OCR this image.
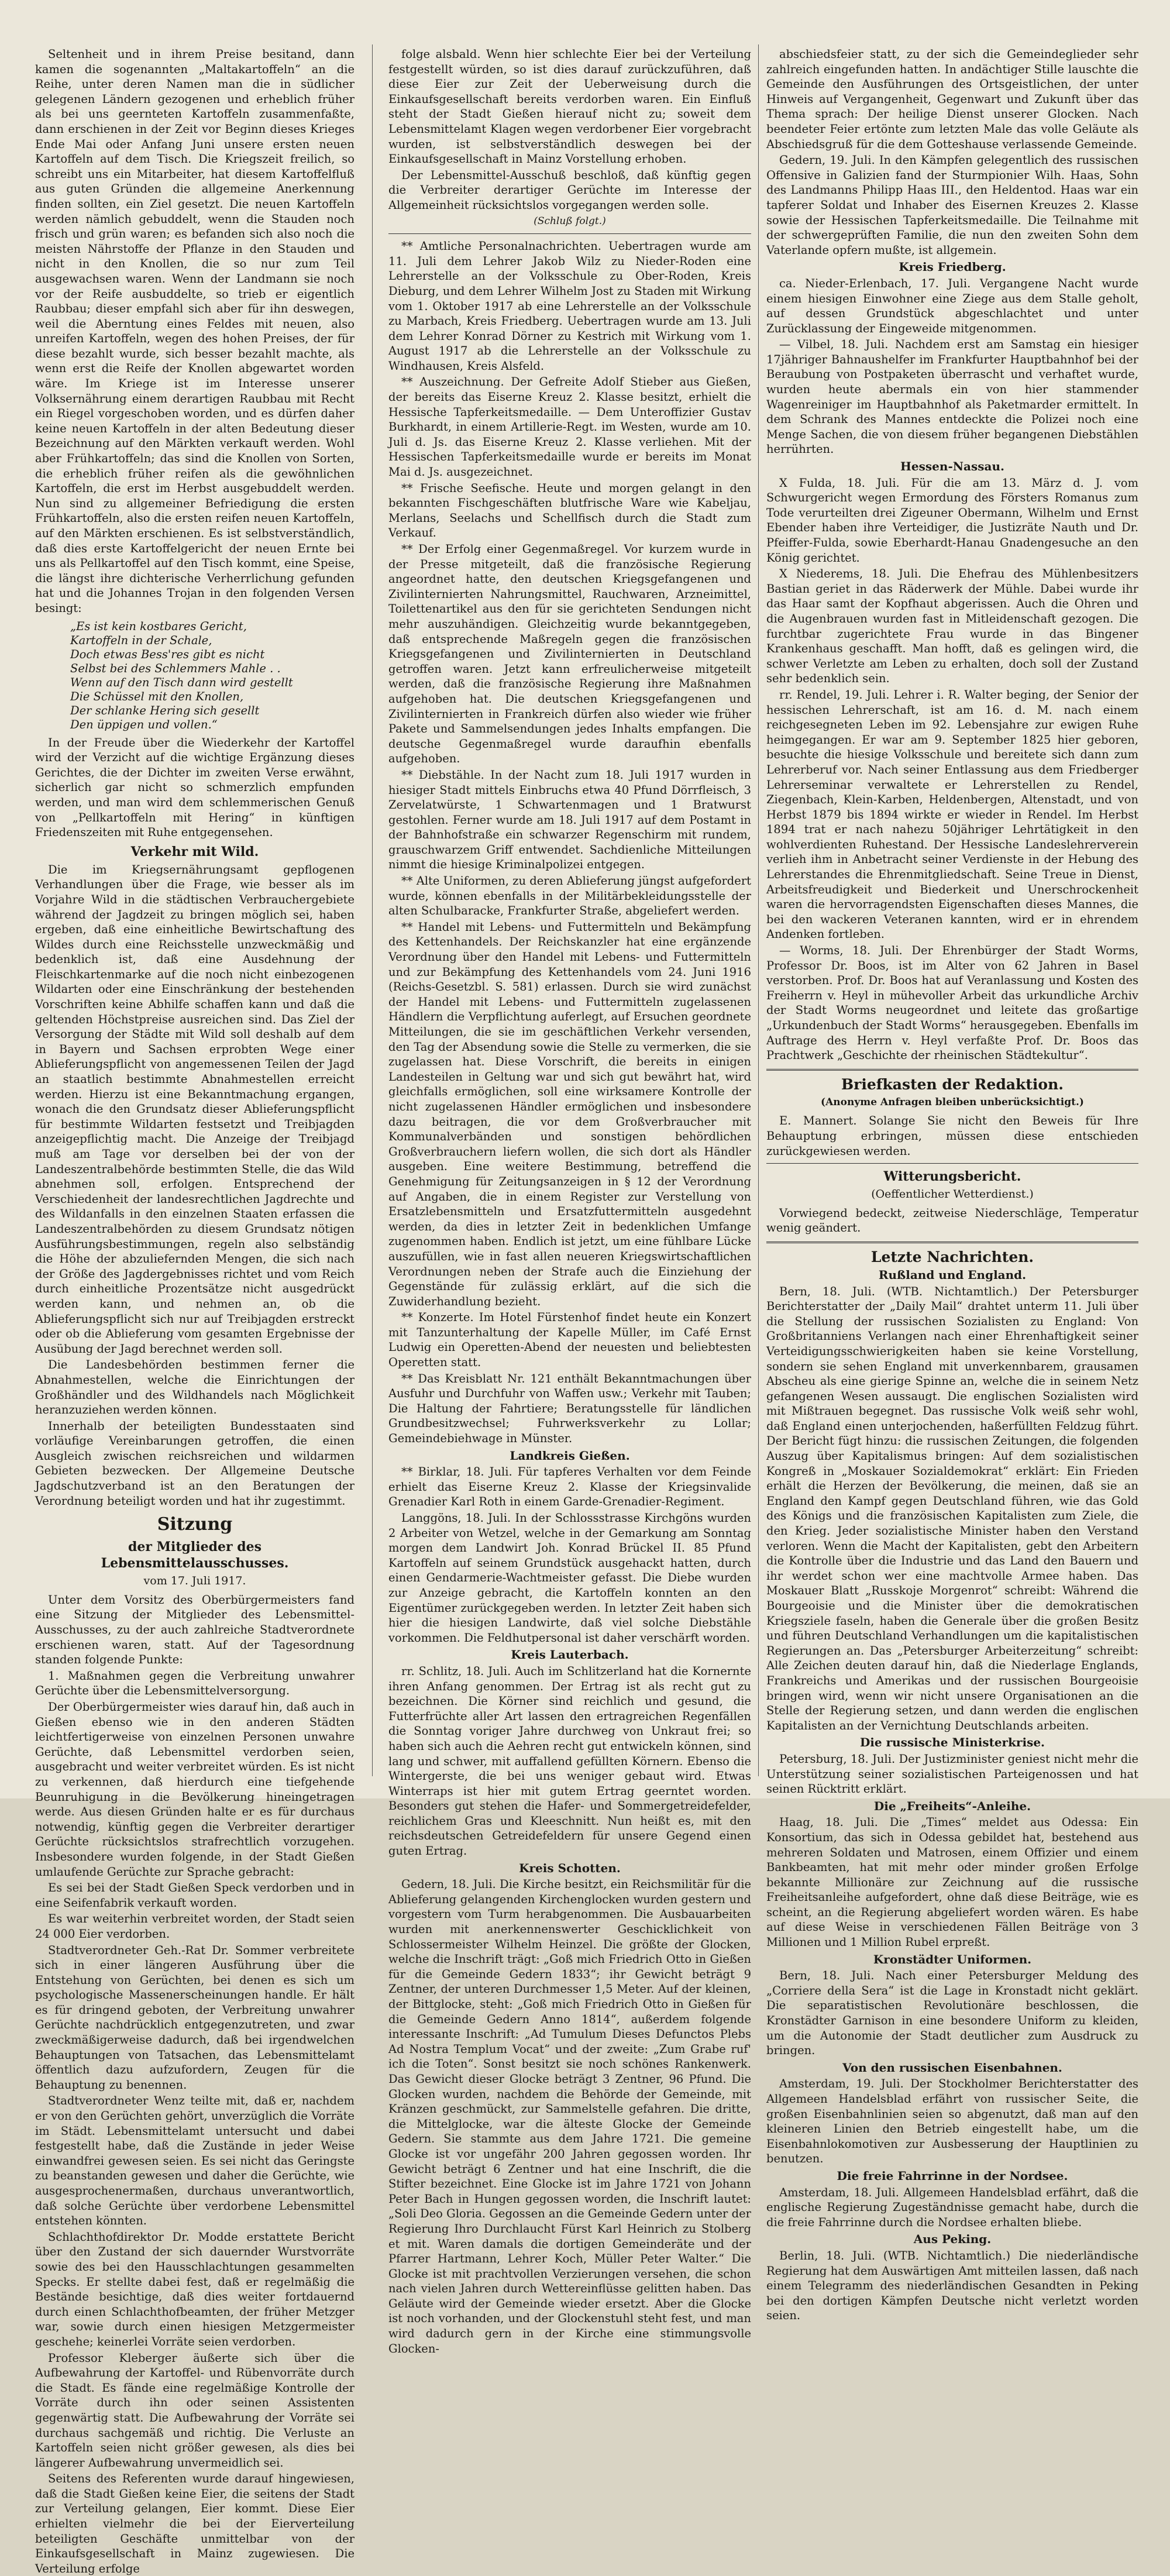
Seltenheit und in ihrem Preise besitand, dann kamen die sogenannten „Maltakartoffeln“ an die Reihe, unter deren Namen man die in südlicher gelegenen Ländern gezogenen und erheblich früher als bei uns geernteten Kartoffeln zusammenfaßte, dann erschienen in der Zeit vor Beginn dieses Krieges Ende Mai oder Anfang Juni unsere ersten neuen Kartoffeln auf dem Tisch. Die Kriegszeit freilich, so schreibt uns ein Mitarbeiter, hat diesem Kartoffelfluß aus guten Gründen die allgemeine Anerkennung finden sollten, ein Ziel gesetzt. Die neuen Kartoffeln werden nämlich gebuddelt, wenn die Stauden noch frisch und grün waren; es befanden sich also noch die meisten Nährstoffe der Pflanze in den Stauden und nicht in den Knollen, die so nur zum Teil ausgewachsen waren. Wenn der Landmann sie noch vor der Reife ausbuddelte, so trieb er eigentlich Raubbau; dieser empfahl sich aber für ihn deswegen, weil die Aberntung eines Feldes mit neuen, also unreifen Kartoffeln, wegen des hohen Preises, der für diese bezahlt wurde, sich besser bezahlt machte, als wenn erst die Reife der Knollen abgewartet worden wäre. Im Kriege ist im Interesse unserer Volksernährung einem derartigen Raubbau mit Recht ein Riegel vorgeschoben worden, und es dürfen daher keine neuen Kartoffeln in der alten Bedeutung dieser Bezeichnung auf den Märkten verkauft werden. Wohl aber Frühkartoffeln; das sind die Knollen von Sorten, die erheblich früher reifen als die gewöhnlichen Kartoffeln, die erst im Herbst ausgebuddelt werden. Nun sind zu allgemeiner Befriedigung die ersten Frühkartoffeln, also die ersten reifen neuen Kartoffeln, auf den Märkten erschienen. Es ist selbstverständlich, daß dies erste Kartoffelgericht der neuen Ernte bei uns als Pellkartoffel auf den Tisch kommt, eine Speise, die längst ihre dichterische Verherrlichung gefunden hat und die Johannes Trojan in den folgenden Versen besingt:

„Es ist kein kostbares Gericht,
Kartoffeln in der Schale,
Doch etwas Bess'res gibt es nicht
Selbst bei des Schlemmers Mahle . .
Wenn auf den Tisch dann wird gestellt
Die Schüssel mit den Knollen,
Der schlanke Hering sich gesellt
Den üppigen und vollen.“

In der Freude über die Wiederkehr der Kartoffel wird der Verzicht auf die wichtige Ergänzung dieses Gerichtes, die der Dichter im zweiten Verse erwähnt, sicherlich gar nicht so schmerzlich empfunden werden, und man wird dem schlemmerischen Genuß von „Pellkartoffeln mit Hering“ in künftigen Friedenszeiten mit Ruhe entgegensehen.

Verkehr mit Wild.

Die im Kriegsernährungsamt gepflogenen Verhandlungen über die Frage, wie besser als im Vorjahre Wild in die städtischen Verbrauchergebiete während der Jagdzeit zu bringen möglich sei, haben ergeben, daß eine einheitliche Bewirtschaftung des Wildes durch eine Reichsstelle unzweckmäßig und bedenklich ist, daß eine Ausdehnung der Fleischkartenmarke auf die noch nicht einbezogenen Wildarten oder eine Einschränkung der bestehenden Vorschriften keine Abhilfe schaffen kann und daß die geltenden Höchstpreise ausreichen sind. Das Ziel der Versorgung der Städte mit Wild soll deshalb auf dem in Bayern und Sachsen erprobten Wege einer Ablieferungspflicht von angemessenen Teilen der Jagd an staatlich bestimmte Abnahmestellen erreicht werden. Hierzu ist eine Bekanntmachung ergangen, wonach die den Grundsatz dieser Ablieferungspflicht für bestimmte Wildarten festsetzt und Treibjagden anzeigepflichtig macht. Die Anzeige der Treibjagd muß am Tage vor derselben bei der von der Landeszentralbehörde bestimmten Stelle, die das Wild abnehmen soll, erfolgen. Entsprechend der Verschiedenheit der landesrechtlichen Jagdrechte und des Wildanfalls in den einzelnen Staaten erfassen die Landeszentralbehörden zu diesem Grundsatz nötigen Ausführungsbestimmungen, regeln also selbständig die Höhe der abzuliefernden Mengen, die sich nach der Größe des Jagdergebnisses richtet und vom Reich durch einheitliche Prozentsätze nicht ausgedrückt werden kann, und nehmen an, ob die Ablieferungspflicht sich nur auf Treibjagden erstreckt oder ob die Ablieferung vom gesamten Ergebnisse der Ausübung der Jagd berechnet werden soll.

Die Landesbehörden bestimmen ferner die Abnahmestellen, welche die Einrichtungen der Großhändler und des Wildhandels nach Möglichkeit heranzuziehen werden können.

Innerhalb der beteiligten Bundesstaaten sind vorläufige Vereinbarungen getroffen, die einen Ausgleich zwischen reichsreichen und wildarmen Gebieten bezwecken. Der Allgemeine Deutsche Jagdschutzverband ist an den Beratungen der Verordnung beteiligt worden und hat ihr zugestimmt.

Sitzung
der Mitglieder des Lebensmittelausschusses.
vom 17. Juli 1917.

Unter dem Vorsitz des Oberbürgermeisters fand eine Sitzung der Mitglieder des Lebensmittel-Ausschusses, zu der auch zahlreiche Stadtverordnete erschienen waren, statt. Auf der Tagesordnung standen folgende Punkte:

1. Maßnahmen gegen die Verbreitung unwahrer Gerüchte über die Lebensmittelversorgung.

Der Oberbürgermeister wies darauf hin, daß auch in Gießen ebenso wie in den anderen Städten leichtfertigerweise von einzelnen Personen unwahre Gerüchte, daß Lebensmittel verdorben seien, ausgebracht und weiter verbreitet würden. Es ist nicht zu verkennen, daß hierdurch eine tiefgehende Beunruhigung in die Bevölkerung hineingetragen werde. Aus diesen Gründen halte er es für durchaus notwendig, künftig gegen die Verbreiter derartiger Gerüchte rücksichtslos strafrechtlich vorzugehen. Insbesondere wurden folgende, in der Stadt Gießen umlaufende Gerüchte zur Sprache gebracht:

Es sei bei der Stadt Gießen Speck verdorben und in eine Seifenfabrik verkauft worden.

Es war weiterhin verbreitet worden, der Stadt seien 24 000 Eier verdorben.

Stadtverordneter Geh.-Rat Dr. Sommer verbreitete sich in einer längeren Ausführung über die Entstehung von Gerüchten, bei denen es sich um psychologische Massenerscheinungen handle. Er hält es für dringend geboten, der Verbreitung unwahrer Gerüchte nachdrücklich entgegenzutreten, und zwar zweckmäßigerweise dadurch, daß bei irgendwelchen Behauptungen von Tatsachen, das Lebensmittelamt öffentlich dazu aufzufordern, Zeugen für die Behauptung zu benennen.

Stadtverordneter Wenz teilte mit, daß er, nachdem er von den Gerüchten gehört, unverzüglich die Vorräte im Städt. Lebensmittelamt untersucht und dabei festgestellt habe, daß die Zustände in jeder Weise einwandfrei gewesen seien. Es sei nicht das Geringste zu beanstanden gewesen und daher die Gerüchte, wie ausgesprochenermaßen, durchaus unverantwortlich, daß solche Gerüchte über verdorbene Lebensmittel entstehen könnten.

Schlachthofdirektor Dr. Modde erstattete Bericht über den Zustand der sich dauernder Wurstvorräte sowie des bei den Hausschlachtungen gesammelten Specks. Er stellte dabei fest, daß er regelmäßig die Bestände besichtige, daß dies weiter fortdauernd durch einen Schlachthofbeamten, der früher Metzger war, sowie durch einen hiesigen Metzgermeister geschehe; keinerlei Vorräte seien verdorben.

Professor Kleberger äußerte sich über die Aufbewahrung der Kartoffel- und Rübenvorräte durch die Stadt. Es fände eine regelmäßige Kontrolle der Vorräte durch ihn oder seinen Assistenten gegenwärtig statt. Die Aufbewahrung der Vorräte sei durchaus sachgemäß und richtig. Die Verluste an Kartoffeln seien nicht größer gewesen, als dies bei längerer Aufbewahrung unvermeidlich sei.

Seitens des Referenten wurde darauf hingewiesen, daß die Stadt Gießen keine Eier, die seitens der Stadt zur Verteilung gelangen, Eier kommt. Diese Eier erhielten vielmehr die bei der Eierverteilung beteiligten Geschäfte unmittelbar von der Einkaufsgesellschaft in Mainz zugewiesen. Die Verteilung erfolge

folge alsbald. Wenn hier schlechte Eier bei der Verteilung festgestellt würden, so ist dies darauf zurückzuführen, daß diese Eier zur Zeit der Ueberweisung durch die Einkaufsgesellschaft bereits verdorben waren. Ein Einfluß steht der Stadt Gießen hierauf nicht zu; soweit dem Lebensmittelamt Klagen wegen verdorbener Eier vorgebracht wurden, ist selbstverständlich deswegen bei der Einkaufsgesellschaft in Mainz Vorstellung erhoben.

Der Lebensmittel-Ausschuß beschloß, daß künftig gegen die Verbreiter derartiger Gerüchte im Interesse der Allgemeinheit rücksichtslos vorgegangen werden solle.

(Schluß folgt.)

** Amtliche Personalnachrichten. Uebertragen wurde am 11. Juli dem Lehrer Jakob Wilz zu Nieder-Roden eine Lehrerstelle an der Volksschule zu Ober-Roden, Kreis Dieburg, und dem Lehrer Wilhelm Jost zu Staden mit Wirkung vom 1. Oktober 1917 ab eine Lehrerstelle an der Volksschule zu Marbach, Kreis Friedberg. Uebertragen wurde am 13. Juli dem Lehrer Konrad Dörner zu Kestrich mit Wirkung vom 1. August 1917 ab die Lehrerstelle an der Volksschule zu Windhausen, Kreis Alsfeld.

** Auszeichnung. Der Gefreite Adolf Stieber aus Gießen, der bereits das Eiserne Kreuz 2. Klasse besitzt, erhielt die Hessische Tapferkeitsmedaille. — Dem Unteroffizier Gustav Burkhardt, in einem Artillerie-Regt. im Westen, wurde am 10. Juli d. Js. das Eiserne Kreuz 2. Klasse verliehen. Mit der Hessischen Tapferkeitsmedaille wurde er bereits im Monat Mai d. Js. ausgezeichnet.

** Frische Seefische. Heute und morgen gelangt in den bekannten Fischgeschäften blutfrische Ware wie Kabeljau, Merlans, Seelachs und Schellfisch durch die Stadt zum Verkauf.

** Der Erfolg einer Gegenmaßregel. Vor kurzem wurde in der Presse mitgeteilt, daß die französische Regierung angeordnet hatte, den deutschen Kriegsgefangenen und Zivilinternierten Nahrungsmittel, Rauchwaren, Arzneimittel, Toilettenartikel aus den für sie gerichteten Sendungen nicht mehr auszuhändigen. Gleichzeitig wurde bekanntgegeben, daß entsprechende Maßregeln gegen die französischen Kriegsgefangenen und Zivilinternierten in Deutschland getroffen waren. Jetzt kann erfreulicherweise mitgeteilt werden, daß die französische Regierung ihre Maßnahmen aufgehoben hat. Die deutschen Kriegsgefangenen und Zivilinternierten in Frankreich dürfen also wieder wie früher Pakete und Sammelsendungen jedes Inhalts empfangen. Die deutsche Gegenmaßregel wurde daraufhin ebenfalls aufgehoben.

** Diebstähle. In der Nacht zum 18. Juli 1917 wurden in hiesiger Stadt mittels Einbruchs etwa 40 Pfund Dörrfleisch, 3 Zervelatwürste, 1 Schwartenmagen und 1 Bratwurst gestohlen. Ferner wurde am 18. Juli 1917 auf dem Postamt in der Bahnhofstraße ein schwarzer Regenschirm mit rundem, grauschwarzem Griff entwendet. Sachdienliche Mitteilungen nimmt die hiesige Kriminalpolizei entgegen.

** Alte Uniformen, zu deren Ablieferung jüngst aufgefordert wurde, können ebenfalls in der Militärbekleidungsstelle der alten Schulbaracke, Frankfurter Straße, abgeliefert werden.

** Handel mit Lebens- und Futtermitteln und Bekämpfung des Kettenhandels. Der Reichskanzler hat eine ergänzende Verordnung über den Handel mit Lebens- und Futtermitteln und zur Bekämpfung des Kettenhandels vom 24. Juni 1916 (Reichs-Gesetzbl. S. 581) erlassen. Durch sie wird zunächst der Handel mit Lebens- und Futtermitteln zugelassenen Händlern die Verpflichtung auferlegt, auf Ersuchen geordnete Mitteilungen, die sie im geschäftlichen Verkehr versenden, den Tag der Absendung sowie die Stelle zu vermerken, die sie zugelassen hat. Diese Vorschrift, die bereits in einigen Landesteilen in Geltung war und sich gut bewährt hat, wird gleichfalls ermöglichen, soll eine wirksamere Kontrolle der nicht zugelassenen Händler ermöglichen und insbesondere dazu beitragen, die vor dem Großverbraucher mit Kommunalverbänden und sonstigen behördlichen Großverbrauchern liefern wollen, die sich dort als Händler ausgeben. Eine weitere Bestimmung, betreffend die Genehmigung für Zeitungsanzeigen in § 12 der Verordnung auf Angaben, die in einem Register zur Verstellung von Ersatzlebensmitteln und Ersatzfuttermitteln ausgedehnt werden, da dies in letzter Zeit in bedenklichen Umfange zugenommen haben. Endlich ist jetzt, um eine fühlbare Lücke auszufüllen, wie in fast allen neueren Kriegswirtschaftlichen Verordnungen neben der Strafe auch die Einziehung der Gegenstände für zulässig erklärt, auf die sich die Zuwiderhandlung bezieht.

** Konzerte. Im Hotel Fürstenhof findet heute ein Konzert mit Tanzunterhaltung der Kapelle Müller, im Café Ernst Ludwig ein Operetten-Abend der neuesten und beliebtesten Operetten statt.

** Das Kreisblatt Nr. 121 enthält Bekanntmachungen über Ausfuhr und Durchfuhr von Waffen usw.; Verkehr mit Tauben; Die Haltung der Fahrtiere; Beratungsstelle für ländlichen Grundbesitzwechsel; Fuhrwerksverkehr zu Lollar; Gemeindebiehwage in Münster.

Landkreis Gießen.

** Birklar, 18. Juli. Für tapferes Verhalten vor dem Feinde erhielt das Eiserne Kreuz 2. Klasse der Kriegsinvalide Grenadier Karl Roth in einem Garde-Grenadier-Regiment.

Langgöns, 18. Juli. In der Schlossstrasse Kirchgöns wurden 2 Arbeiter von Wetzel, welche in der Gemarkung am Sonntag morgen dem Landwirt Joh. Konrad Brückel II. 85 Pfund Kartoffeln auf seinem Grundstück ausgehackt hatten, durch einen Gendarmerie-Wachtmeister gefasst. Die Diebe wurden zur Anzeige gebracht, die Kartoffeln konnten an den Eigentümer zurückgegeben werden. In letzter Zeit haben sich hier die hiesigen Landwirte, daß viel solche Diebstähle vorkommen. Die Feldhutpersonal ist daher verschärft worden.

Kreis Lauterbach.

rr. Schlitz, 18. Juli. Auch im Schlitzerland hat die Kornernte ihren Anfang genommen. Der Ertrag ist als recht gut zu bezeichnen. Die Körner sind reichlich und gesund, die Futterfrüchte aller Art lassen den ertragreichen Regenfällen die Sonntag voriger Jahre durchweg von Unkraut frei; so haben sich auch die Aehren recht gut entwickeln können, sind lang und schwer, mit auffallend gefüllten Körnern. Ebenso die Wintergerste, die bei uns weniger gebaut wird. Etwas Winterraps ist hier mit gutem Ertrag geerntet worden. Besonders gut stehen die Hafer- und Sommergetreidefelder, reichlichem Gras und Kleeschnitt. Nun heißt es, mit den reichsdeutschen Getreidefeldern für unsere Gegend einen guten Ertrag.

Kreis Schotten.

Gedern, 18. Juli. Die Kirche besitzt, ein Reichsmilitär für die Ablieferung gelangenden Kirchenglocken wurden gestern und vorgestern vom Turm herabgenommen. Die Ausbauarbeiten wurden mit anerkennenswerter Geschicklichkeit von Schlossermeister Wilhelm Heinzel. Die größte der Glocken, welche die Inschrift trägt: „Goß mich Friedrich Otto in Gießen für die Gemeinde Gedern 1833“; ihr Gewicht beträgt 9 Zentner, der unteren Durchmesser 1,5 Meter. Auf der kleinen, der Bittglocke, steht: „Goß mich Friedrich Otto in Gießen für die Gemeinde Gedern Anno 1814“, außerdem folgende interessante Inschrift: „Ad Tumulum Dieses Defunctos Plebs Ad Nostra Templum Vocat“ und der zweite: „Zum Grabe ruf' ich die Toten“. Sonst besitzt sie noch schönes Rankenwerk. Das Gewicht dieser Glocke beträgt 3 Zentner, 96 Pfund. Die Glocken wurden, nachdem die Behörde der Gemeinde, mit Kränzen geschmückt, zur Sammelstelle gefahren. Die dritte, die Mittelglocke, war die älteste Glocke der Gemeinde Gedern. Sie stammte aus dem Jahre 1721. Die gemeine Glocke ist vor ungefähr 200 Jahren gegossen worden. Ihr Gewicht beträgt 6 Zentner und hat eine Inschrift, die die Stifter bezeichnet. Eine Glocke ist im Jahre 1721 von Johann Peter Bach in Hungen gegossen worden, die Inschrift lautet: „Soli Deo Gloria. Gegossen an die Gemeinde Gedern unter der Regierung Ihro Durchlaucht Fürst Karl Heinrich zu Stolberg et mit. Waren damals die dortigen Gemeinderäte und der Pfarrer Hartmann, Lehrer Koch, Müller Peter Walter.“ Die Glocke ist mit prachtvollen Verzierungen versehen, die schon nach vielen Jahren durch Wettereinflüsse gelitten haben. Das Geläute wird der Gemeinde wieder ersetzt. Aber die Glocke ist noch vorhanden, und der Glockenstuhl steht fest, und man wird dadurch gern in der Kirche eine stimmungsvolle Glocken-

abschiedsfeier statt, zu der sich die Gemeindeglieder sehr zahlreich eingefunden hatten. In andächtiger Stille lauschte die Gemeinde den Ausführungen des Ortsgeistlichen, der unter Hinweis auf Vergangenheit, Gegenwart und Zukunft über das Thema sprach: Der heilige Dienst unserer Glocken. Nach beendeter Feier ertönte zum letzten Male das volle Geläute als Abschiedsgruß für die dem Gotteshause verlassende Gemeinde.

Gedern, 19. Juli. In den Kämpfen gelegentlich des russischen Offensive in Galizien fand der Sturmpionier Wilh. Haas, Sohn des Landmanns Philipp Haas III., den Heldentod. Haas war ein tapferer Soldat und Inhaber des Eisernen Kreuzes 2. Klasse sowie der Hessischen Tapferkeitsmedaille. Die Teilnahme mit der schwergeprüften Familie, die nun den zweiten Sohn dem Vaterlande opfern mußte, ist allgemein.

Kreis Friedberg.

ca. Nieder-Erlenbach, 17. Juli. Vergangene Nacht wurde einem hiesigen Einwohner eine Ziege aus dem Stalle geholt, auf dessen Grundstück abgeschlachtet und unter Zurücklassung der Eingeweide mitgenommen.

— Vilbel, 18. Juli. Nachdem erst am Samstag ein hiesiger 17jähriger Bahnaushelfer im Frankfurter Hauptbahnhof bei der Beraubung von Postpaketen überrascht und verhaftet wurde, wurden heute abermals ein von hier stammender Wagenreiniger im Hauptbahnhof als Paketmarder ermittelt. In dem Schrank des Mannes entdeckte die Polizei noch eine Menge Sachen, die von diesem früher begangenen Diebstählen herrührten.

Hessen-Nassau.

X Fulda, 18. Juli. Für die am 13. März d. J. vom Schwurgericht wegen Ermordung des Försters Romanus zum Tode verurteilten drei Zigeuner Obermann, Wilhelm und Ernst Ebender haben ihre Verteidiger, die Justizräte Nauth und Dr. Pfeiffer-Fulda, sowie Eberhardt-Hanau Gnadengesuche an den König gerichtet.

X Niederems, 18. Juli. Die Ehefrau des Mühlenbesitzers Bastian geriet in das Räderwerk der Mühle. Dabei wurde ihr das Haar samt der Kopfhaut abgerissen. Auch die Ohren und die Augenbrauen wurden fast in Mitleidenschaft gezogen. Die furchtbar zugerichtete Frau wurde in das Bingener Krankenhaus geschafft. Man hofft, daß es gelingen wird, die schwer Verletzte am Leben zu erhalten, doch soll der Zustand sehr bedenklich sein.

rr. Rendel, 19. Juli. Lehrer i. R. Walter beging, der Senior der hessischen Lehrerschaft, ist am 16. d. M. nach einem reichgesegneten Leben im 92. Lebensjahre zur ewigen Ruhe heimgegangen. Er war am 9. September 1825 hier geboren, besuchte die hiesige Volksschule und bereitete sich dann zum Lehrerberuf vor. Nach seiner Entlassung aus dem Friedberger Lehrerseminar verwaltete er Lehrerstellen zu Rendel, Ziegenbach, Klein-Karben, Heldenbergen, Altenstadt, und von Herbst 1879 bis 1894 wirkte er wieder in Rendel. Im Herbst 1894 trat er nach nahezu 50jähriger Lehrtätigkeit in den wohlverdienten Ruhestand. Der Hessische Landeslehrerverein verlieh ihm in Anbetracht seiner Verdienste in der Hebung des Lehrerstandes die Ehrenmitgliedschaft. Seine Treue in Dienst, Arbeitsfreudigkeit und Biederkeit und Unerschrockenheit waren die hervorragendsten Eigenschaften dieses Mannes, die bei den wackeren Veteranen kannten, wird er in ehrendem Andenken fortleben.

— Worms, 18. Juli. Der Ehrenbürger der Stadt Worms, Professor Dr. Boos, ist im Alter von 62 Jahren in Basel verstorben. Prof. Dr. Boos hat auf Veranlassung und Kosten des Freiherrn v. Heyl in mühevoller Arbeit das urkundliche Archiv der Stadt Worms neugeordnet und leitete das großartige „Urkundenbuch der Stadt Worms“ herausgegeben. Ebenfalls im Auftrage des Herrn v. Heyl verfaßte Prof. Dr. Boos das Prachtwerk „Geschichte der rheinischen Städtekultur“.

Briefkasten der Redaktion.
(Anonyme Anfragen bleiben unberücksichtigt.)

E. Mannert. Solange Sie nicht den Beweis für Ihre Behauptung erbringen, müssen diese entschieden zurückgewiesen werden.

Witterungsbericht.
(Oeffentlicher Wetterdienst.)

Vorwiegend bedeckt, zeitweise Niederschläge, Temperatur wenig geändert.

Letzte Nachrichten.
Rußland und England.

Bern, 18. Juli. (WTB. Nichtamtlich.) Der Petersburger Berichterstatter der „Daily Mail“ drahtet unterm 11. Juli über die Stellung der russischen Sozialisten zu England: Von Großbritanniens Verlangen nach einer Ehrenhaftigkeit seiner Verteidigungsschwierigkeiten haben sie keine Vorstellung, sondern sie sehen England mit unverkennbarem, grausamen Abscheu als eine gierige Spinne an, welche die in seinem Netz gefangenen Wesen aussaugt. Die englischen Sozialisten wird mit Mißtrauen begegnet. Das russische Volk weiß sehr wohl, daß England einen unterjochenden, haßerfüllten Feldzug führt. Der Bericht fügt hinzu: die russischen Zeitungen, die folgenden Auszug über Kapitalismus bringen: Auf dem sozialistischen Kongreß in „Moskauer Sozialdemokrat“ erklärt: Ein Frieden erhält die Herzen der Bevölkerung, die meinen, daß sie an England den Kampf gegen Deutschland führen, wie das Gold des Königs und die französischen Kapitalisten zum Ziele, die den Krieg. Jeder sozialistische Minister haben den Verstand verloren. Wenn die Macht der Kapitalisten, gebt den Arbeitern die Kontrolle über die Industrie und das Land den Bauern und ihr werdet schon wer eine machtvolle Armee haben. Das Moskauer Blatt „Russkoje Morgenrot“ schreibt: Während die Bourgeoisie und die Minister über die demokratischen Kriegsziele faseln, haben die Generale über die großen Besitz und führen Deutschland Verhandlungen um die kapitalistischen Regierungen an. Das „Petersburger Arbeiterzeitung“ schreibt: Alle Zeichen deuten darauf hin, daß die Niederlage Englands, Frankreichs und Amerikas und der russischen Bourgeoisie bringen wird, wenn wir nicht unsere Organisationen an die Stelle der Regierung setzen, und dann werden die englischen Kapitalisten an der Vernichtung Deutschlands arbeiten.

Die russische Ministerkrise.

Petersburg, 18. Juli. Der Justizminister geniest nicht mehr die Unterstützung seiner sozialistischen Parteigenossen und hat seinen Rücktritt erklärt.

Die „Freiheits“-Anleihe.

Haag, 18. Juli. Die „Times“ meldet aus Odessa: Ein Konsortium, das sich in Odessa gebildet hat, bestehend aus mehreren Soldaten und Matrosen, einem Offizier und einem Bankbeamten, hat mit mehr oder minder großen Erfolge bekannte Millionäre zur Zeichnung auf die russische Freiheitsanleihe aufgefordert, ohne daß diese Beiträge, wie es scheint, an die Regierung abgeliefert worden wären. Es habe auf diese Weise in verschiedenen Fällen Beiträge von 3 Millionen und 1 Million Rubel erpreßt.

Kronstädter Uniformen.

Bern, 18. Juli. Nach einer Petersburger Meldung des „Corriere della Sera“ ist die Lage in Kronstadt nicht geklärt. Die separatistischen Revolutionäre beschlossen, die Kronstädter Garnison in eine besondere Uniform zu kleiden, um die Autonomie der Stadt deutlicher zum Ausdruck zu bringen.

Von den russischen Eisenbahnen.

Amsterdam, 19. Juli. Der Stockholmer Berichterstatter des Allgemeen Handelsblad erfährt von russischer Seite, die großen Eisenbahnlinien seien so abgenutzt, daß man auf den kleineren Linien den Betrieb eingestellt habe, um die Eisenbahnlokomotiven zur Ausbesserung der Hauptlinien zu benutzen.

Die freie Fahrrinne in der Nordsee.

Amsterdam, 18. Juli. Allgemeen Handelsblad erfährt, daß die englische Regierung Zugeständnisse gemacht habe, durch die die freie Fahrrinne durch die Nordsee erhalten bliebe.

Aus Peking.

Berlin, 18. Juli. (WTB. Nichtamtlich.) Die niederländische Regierung hat dem Auswärtigen Amt mitteilen lassen, daß nach einem Telegramm des niederländischen Gesandten in Peking bei den dortigen Kämpfen Deutsche nicht verletzt worden seien.
